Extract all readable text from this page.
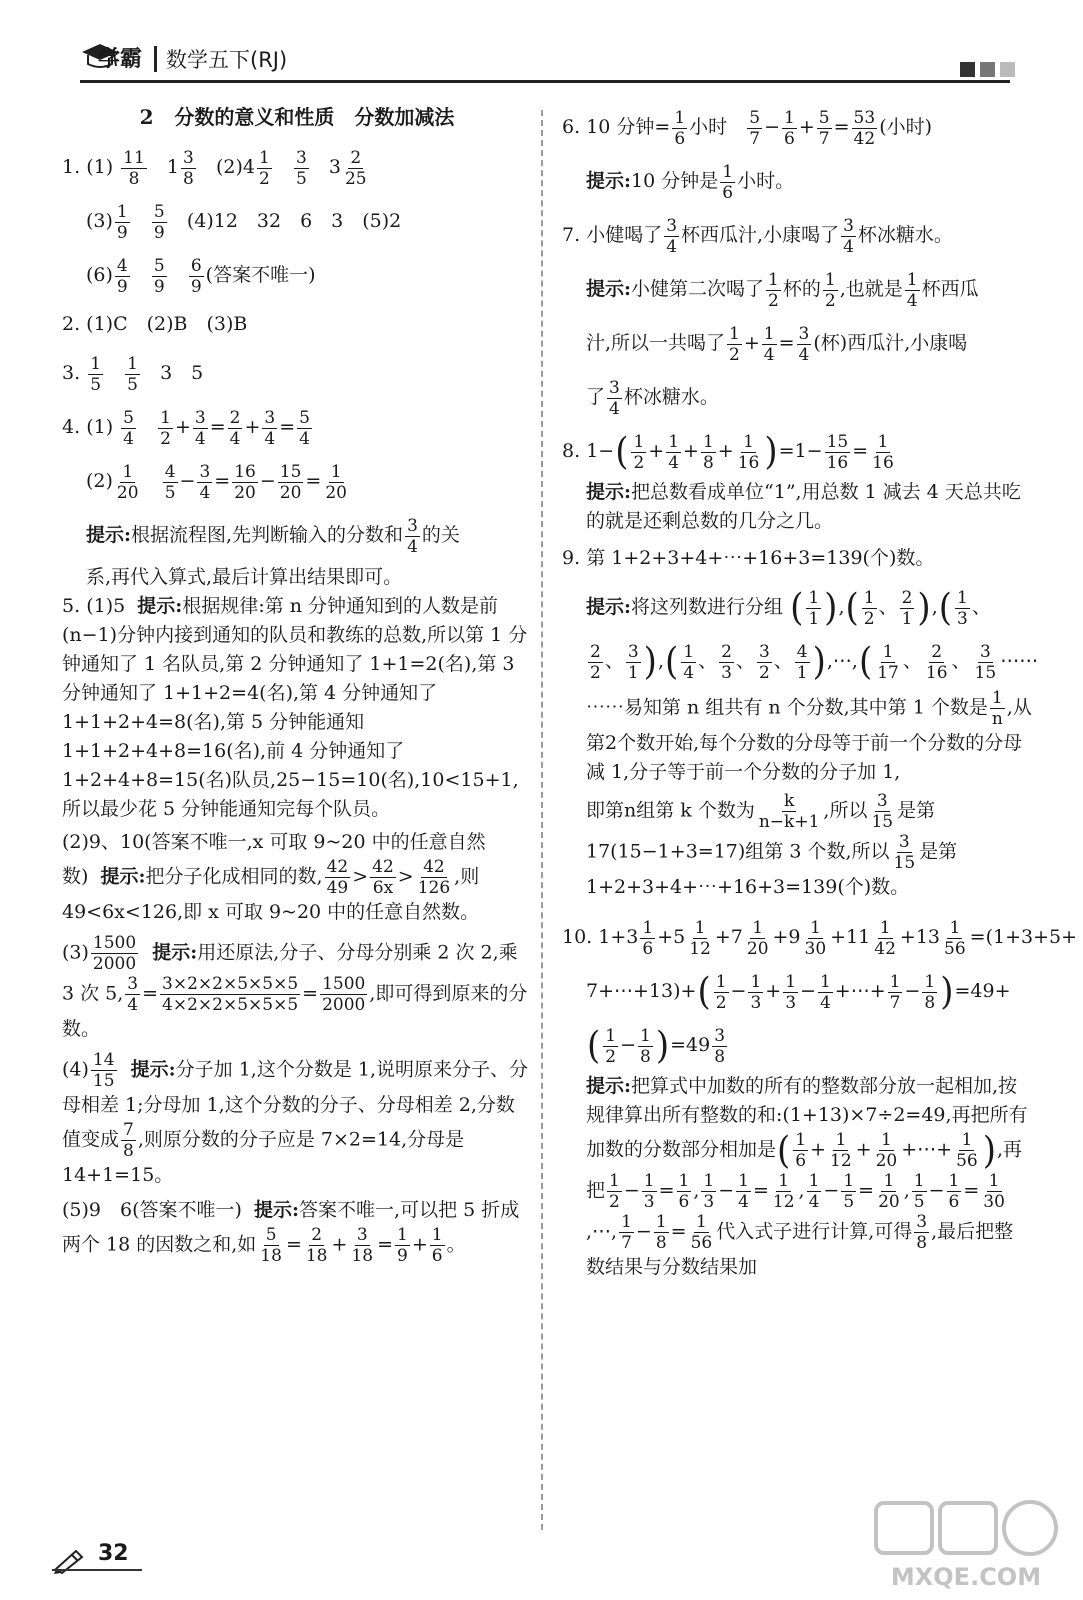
学霸 数学五下(RJ)
2 分数的意义和性质　分数加减法
1. $(1) \frac{11}{8} 1 \frac{3}{8} (2)4 \frac{1}{2}$
$\frac{3}{5} 3 \frac{2}{25}$
$(3) \frac{1}{9}$
$\frac{5}{9} (4)12$　32　6　3　(5)2
$(6) \frac{4}{9}$
$\frac{5}{9}$
$\frac{6}{9}$ (答案不唯一)
2. (1)C　(2)B　(3)B
3. $\frac{1}{5}$
$\frac{1}{5} 3$　5
4. $(1) \frac{5}{4}$
$\frac{1}{2} + \frac{3}{4} = \frac{2}{4} + \frac{3}{4} = \frac{5}{4}$
$(2) \frac{1}{20}$
$\frac{4}{5} - \frac{3}{4} = \frac{16}{20} - \frac{15}{20} = \frac{1}{20}$
提示:根据流程图,先判断输入的分数和 $\frac{3}{4}$ 的关
系,再代入算式,最后计算出结果即可。
5. (1)5 提示:根据规律:第 n 分钟通知到的人数是前(n−1)分钟内接到通知的队员和教练的总数,所以第 1 分钟通知了 1 名队员,第 2 分钟通知了 1+1=2(名),第 3 分钟通知了 1+1+2=4(名),第 4 分钟通知了 1+1+2+4=8(名),第 5 分钟能通知 1+1+2+4+8=16(名),前 4 分钟通知了 1+2+4+8=15(名)队员,25−15=10(名),10<15+1,所以最少花 5 分钟能通知完每个队员。
(2)9、10(答案不唯一,x 可取 9~20 中的任意自然数) 提示:把分子化成相同的数, $\frac{42}{49} > \frac{42}{6x} > \frac{42}{126}$ ,则 49<6x<126,即 x 可取 9~20 中的任意自然数。
$(3) \frac{1500}{2000}$ 提示:用还原法,分子、分母分别乘 2 次 2,乘 3 次 5, $\frac{3}{4} = \frac{3\times 2\times 2\times 5\times 5\times 5}{4\times 2\times 2\times 5\times 5\times 5} = \frac{1500}{2000}$ ,即可得到原来的分数。
$(4) \frac{14}{15}$ 提示:分子加 1,这个分数是 1,说明原来分子、分母相差 1;分母加 1,这个分数的分子、分母相差 2,分数值变成 $\frac{7}{8}$ ,则原分数的分子应是 7×2=14,分母是 14+1=15。
(5)9　6(答案不唯一) 提示:答案不唯一,可以把 5 折成两个 18 的因数之和,如 $\frac{5}{18} = \frac{2}{18} + \frac{3}{18} = \frac{1}{9} + \frac{1}{6}$ 。
6. 10 分钟= $\frac{1}{6}$ 小时 $\frac{5}{7} - \frac{1}{6} + \frac{5}{7} = \frac{53}{42}$ (小时)
提示:10 分钟是 $\frac{1}{6}$ 小时。
7. 小健喝了 $\frac{3}{4}$ 杯西瓜汁,小康喝了 $\frac{3}{4}$ 杯冰糖水。
提示:小健第二次喝了 $\frac{1}{2}$ 杯的 $\frac{1}{2}$ ,也就是 $\frac{1}{4}$ 杯西瓜
汁,所以一共喝了 $\frac{1}{2} + \frac{1}{4} = \frac{3}{4}$ (杯)西瓜汁,小康喝
了 $\frac{3}{4}$ 杯冰糖水。
8. $1-( \frac{1}{2} + \frac{1}{4} + \frac{1}{8} + \frac{1}{16} )=1- \frac{15}{16} = \frac{1}{16}$
提示:把总数看成单位“1”,用总数 1 减去 4 天总共吃的就是还剩总数的几分之几。
9. 第 1+2+3+4+⋯+16+3=139(个)数。
提示:将这列数进行分组 ( $\frac{1}{1}$ ),( $\frac{1}{2}$ 、 $\frac{2}{1}$ ),( $\frac{1}{3}$ 、
$\frac{2}{2}$ 、 $\frac{3}{1}$ ),( $\frac{1}{4}$ 、 $\frac{2}{3}$ 、 $\frac{3}{2}$ 、 $\frac{4}{1}$ ),⋯,( $\frac{1}{17}$ 、 $\frac{2}{16}$ 、 $\frac{3}{15}$ ⋯⋯
⋯⋯易知第 n 组共有 n 个分数,其中第 1 个数是 $\frac{1}{n}$ ,从第2个数开始,每个分数的分母等于前一个分数的分母减 1,分子等于前一个分数的分子加 1,
即第n组第 k 个数为 $\frac{k}{n-k+1}$ ,所以 $\frac{3}{15}$ 是第 17(15−1+3=17)组第 3 个数,所以 $\frac{3}{15}$ 是第 1+2+3+4+⋯+16+3=139(个)数。
10. $1+3 \frac{1}{6} +5 \frac{1}{12} +7 \frac{1}{20} +9 \frac{1}{30} +11 \frac{1}{42} +13 \frac{1}{56} =(1+3+5+$
7+⋯+13)+( $\frac{1}{2} - \frac{1}{3} + \frac{1}{3} - \frac{1}{4}$ +⋯+ $\frac{1}{7} - \frac{1}{8} )=49+$
( $\frac{1}{2} - \frac{1}{8} )=49 \frac{3}{8}$
提示:把算式中加数的所有的整数部分放一起相加,按规律算出所有整数的和:(1+13)×7÷2=49,再把所有加数的分数部分相加是( $\frac{1}{6} + \frac{1}{12} + \frac{1}{20}$ +⋯+ $\frac{1}{56}$ ),再把 $\frac{1}{2} - \frac{1}{3} = \frac{1}{6}$ , $\frac{1}{3} - \frac{1}{4} = \frac{1}{12}$ , $\frac{1}{4} - \frac{1}{5} = \frac{1}{20}$ , $\frac{1}{5} - \frac{1}{6} = \frac{1}{30}$
,⋯, $\frac{1}{7} - \frac{1}{8} = \frac{1}{56}$ 代入式子进行计算,可得 $\frac{3}{8}$ ,最后把整数结果与分数结果加
32
MXQE.COM
